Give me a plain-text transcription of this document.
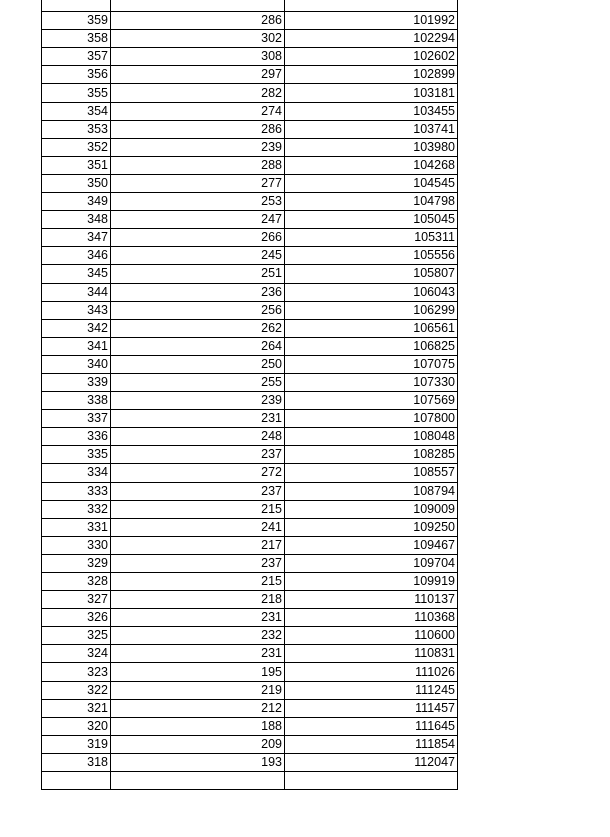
359	286	101992
358	302	102294
357	308	102602
356	297	102899
355	282	103181
354	274	103455
353	286	103741
352	239	103980
351	288	104268
350	277	104545
349	253	104798
348	247	105045
347	266	105311
346	245	105556
345	251	105807
344	236	106043
343	256	106299
342	262	106561
341	264	106825
340	250	107075
339	255	107330
338	239	107569
337	231	107800
336	248	108048
335	237	108285
334	272	108557
333	237	108794
332	215	109009
331	241	109250
330	217	109467
329	237	109704
328	215	109919
327	218	110137
326	231	110368
325	232	110600
324	231	110831
323	195	111026
322	219	111245
321	212	111457
320	188	111645
319	209	111854
318	193	112047
